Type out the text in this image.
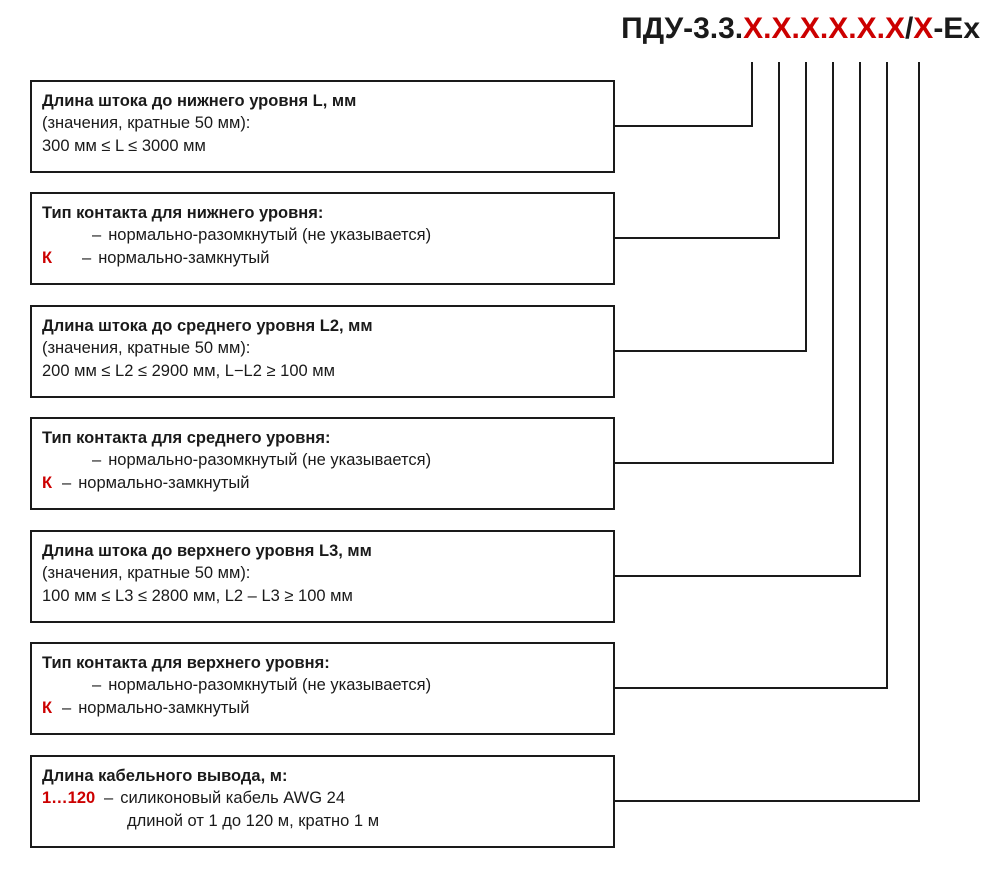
ПДУ-3.3.X.X.X.X.X.X/X-Ex
Длина штока до нижнего уровня L, мм
(значения, кратные 50 мм):
300 мм ≤ L ≤ 3000 мм
Тип контакта для нижнего уровня:
– нормально-разомкнутый (не указывается)
К	– нормально-замкнутый
Длина штока до среднего уровня L2, мм
(значения, кратные 50 мм):
200 мм ≤ L2 ≤ 2900 мм, L−L2 ≥ 100 мм
Тип контакта для среднего уровня:
– нормально-разомкнутый (не указывается)
К – нормально-замкнутый
Длина штока до верхнего уровня L3, мм
(значения, кратные 50 мм):
100 мм ≤ L3 ≤ 2800 мм, L2 – L3 ≥ 100 мм
Тип контакта для верхнего уровня:
– нормально-разомкнутый (не указывается)
К – нормально-замкнутый
Длина кабельного вывода, м:
1…120 – силиконовый кабель AWG 24
длиной от 1 до 120 м, кратно 1 м
